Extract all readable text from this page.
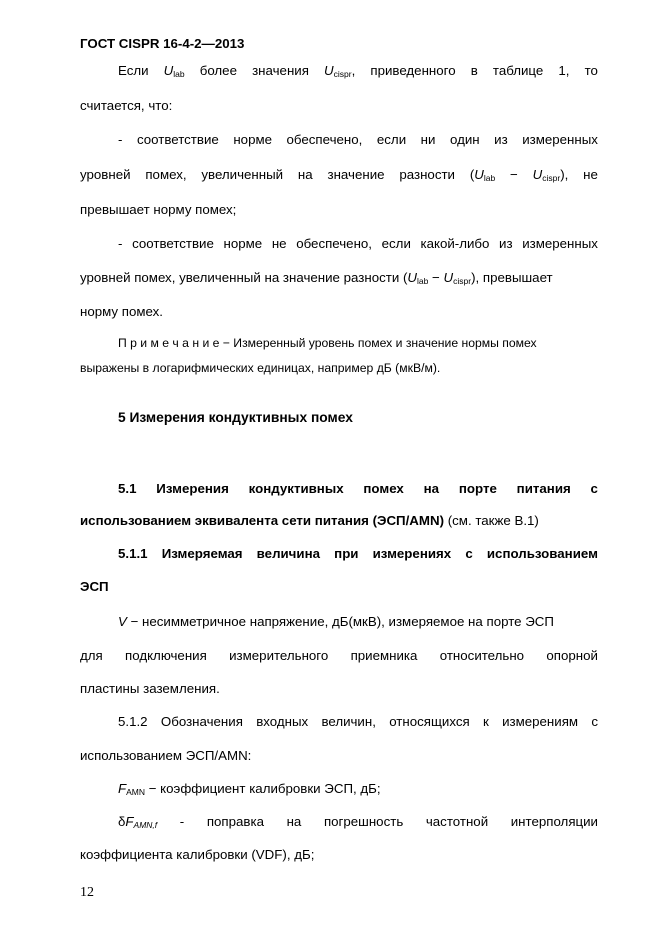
ГОСТ CISPR 16-4-2—2013
Если $U_{lab}$ более значения $U_{cispr}$, приведенного в таблице 1, то
считается, что:
- соответствие норме обеспечено, если ни один из измеренных
уровней помех, увеличенный на значение разности $(U_{lab} - U_{cispr})$, не
превышает норму помех;
- соответствие норме не обеспечено, если какой-либо из измеренных
уровней помех, увеличенный на значение разности $(U_{lab} - U_{cispr})$, превышает
норму помех.
П р и м е ч а н и е − Измеренный уровень помех и значение нормы помех
выражены в логарифмических единицах, например дБ (мкВ/м).
5 Измерения кондуктивных помех
5.1 Измерения кондуктивных помех на порте питания с
использованием эквивалента сети питания (ЭСП/AMN) (см. также В.1)
5.1.1 Измеряемая величина при измерениях с использованием
ЭСП
V − несимметричное напряжение, дБ(мкВ), измеряемое на порте ЭСП
для подключения измерительного приемника относительно опорной
пластины заземления.
5.1.2 Обозначения входных величин, относящихся к измерениям с
использованием ЭСП/AMN:
$F_{AMN}$ − коэффициент калибровки ЭСП, дБ;
$\delta F_{AMN,f}$ - поправка на погрешность частотной интерполяции
коэффициента калибровки (VDF), дБ;
12
